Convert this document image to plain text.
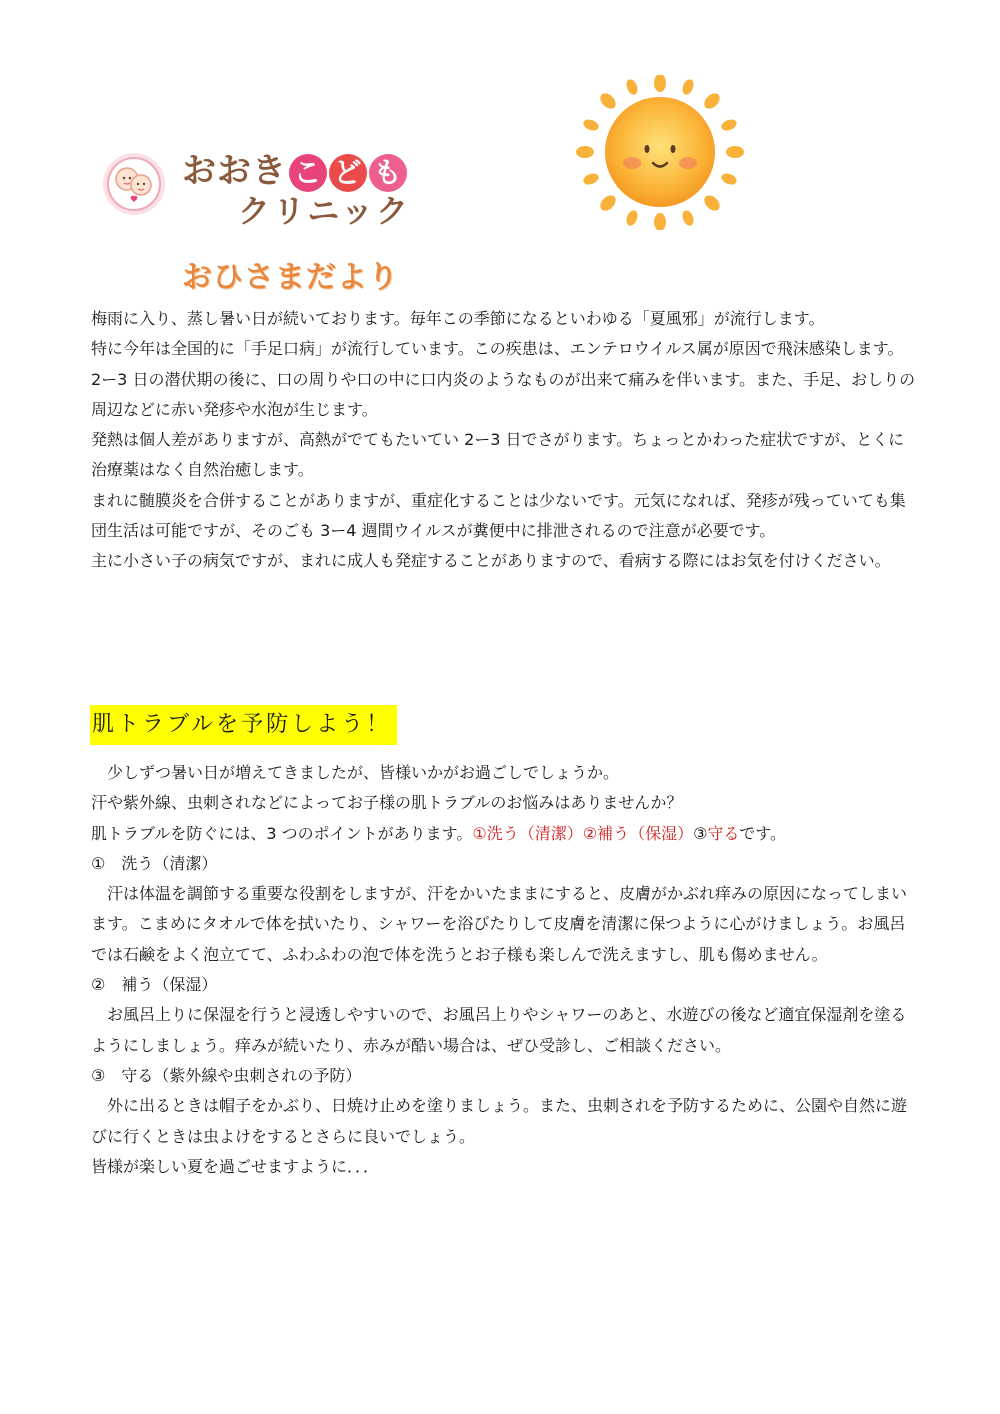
おおき こ ど も
クリニック
おひさまだより

梅雨に入り、蒸し暑い日が続いております。毎年この季節になるといわゆる「夏風邪」が流行します。

特に今年は全国的に「手足口病」が流行しています。この疾患は、エンテロウイルス属が原因で飛沫感染します。

2ー3 日の潜伏期の後に、口の周りや口の中に口内炎のようなものが出来て痛みを伴います。また、手足、おしりの周辺などに赤い発疹や水泡が生じます。

発熱は個人差がありますが、高熱がでてもたいてい 2ー3 日でさがります。ちょっとかわった症状ですが、とくに治療薬はなく自然治癒します。

まれに髄膜炎を合併することがありますが、重症化することは少ないです。元気になれば、発疹が残っていても集団生活は可能ですが、そのごも 3ー4 週間ウイルスが糞便中に排泄されるので注意が必要です。

主に小さい子の病気ですが、まれに成人も発症することがありますので、看病する際にはお気を付けください。

肌トラブルを予防しよう！

少しずつ暑い日が増えてきましたが、皆様いかがお過ごしでしょうか。

汗や紫外線、虫刺されなどによってお子様の肌トラブルのお悩みはありませんか？

肌トラブルを防ぐには、3 つのポイントがあります。①洗う（清潔）②補う（保湿）③守るです。

①　洗う（清潔）

汗は体温を調節する重要な役割をしますが、汗をかいたままにすると、皮膚がかぶれ痒みの原因になってしまいます。こまめにタオルで体を拭いたり、シャワーを浴びたりして皮膚を清潔に保つように心がけましょう。お風呂では石鹸をよく泡立てて、ふわふわの泡で体を洗うとお子様も楽しんで洗えますし、肌も傷めません。

②　補う（保湿）

お風呂上りに保湿を行うと浸透しやすいので、お風呂上りやシャワーのあと、水遊びの後など適宜保湿剤を塗るようにしましょう。痒みが続いたり、赤みが酷い場合は、ぜひ受診し、ご相談ください。

③　守る（紫外線や虫刺されの予防）

外に出るときは帽子をかぶり、日焼け止めを塗りましょう。また、虫刺されを予防するために、公園や自然に遊びに行くときは虫よけをするとさらに良いでしょう。

皆様が楽しい夏を過ごせますように．．．
